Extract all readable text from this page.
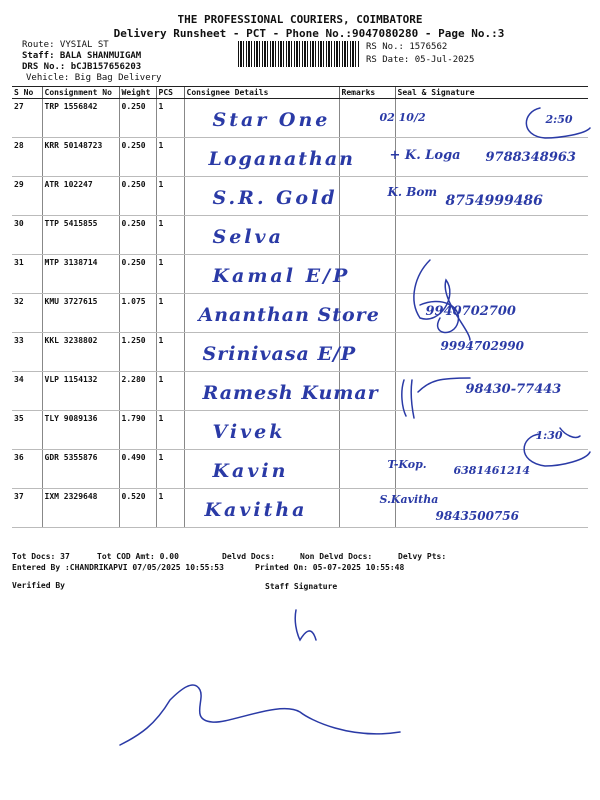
THE PROFESSIONAL COURIERS, COIMBATORE
Delivery Runsheet - PCT - Phone No.:9047080280 - Page No.:3
Route: VYSIAL ST
Staff: BALA SHANMUIGAM
DRS No.: bCJB157656203
Vehicle: Big Bag Delivery
RS No.: 1576562
RS Date: 05-Jul-2025
S No	Consignment No	Weight	PCS	Consignee Details	Remarks	Seal & Signature
27	TRP 1556842	0.250	1	Star One	02 10/2	2:50

28	KRR 50148723	0.250	1	Loganathan	+ K. Loga	9788348963

29	ATR 102247	0.250	1	S.R. Gold	K. Bom	8754999486

30	TTP 5415855	0.250	1	Selva		

31	MTP 3138714	0.250	1	Kamal E/P		

32	KMU 3727615	1.075	1	Ananthan Store		9940702700

33	KKL 3238802	1.250	1	Srinivasa E/P		9994702990

34	VLP 1154132	2.280	1	Ramesh Kumar		98430-77443

35	TLY 9089136	1.790	1	Vivek		1:30

36	GDR 5355876	0.490	1	Kavin	T-Kop.	6381461214

37	IXM 2329648	0.520	1	Kavitha	S.Kavitha	9843500756
Tot Docs: 37	Tot COD Amt: 0.00	Delvd Docs:	Non Delvd Docs:	Delvy Pts:
Entered By :CHANDRIKAPVI 07/05/2025 10:55:53	Printed On: 05-07-2025 10:55:48
Verified By	Staff Signature
